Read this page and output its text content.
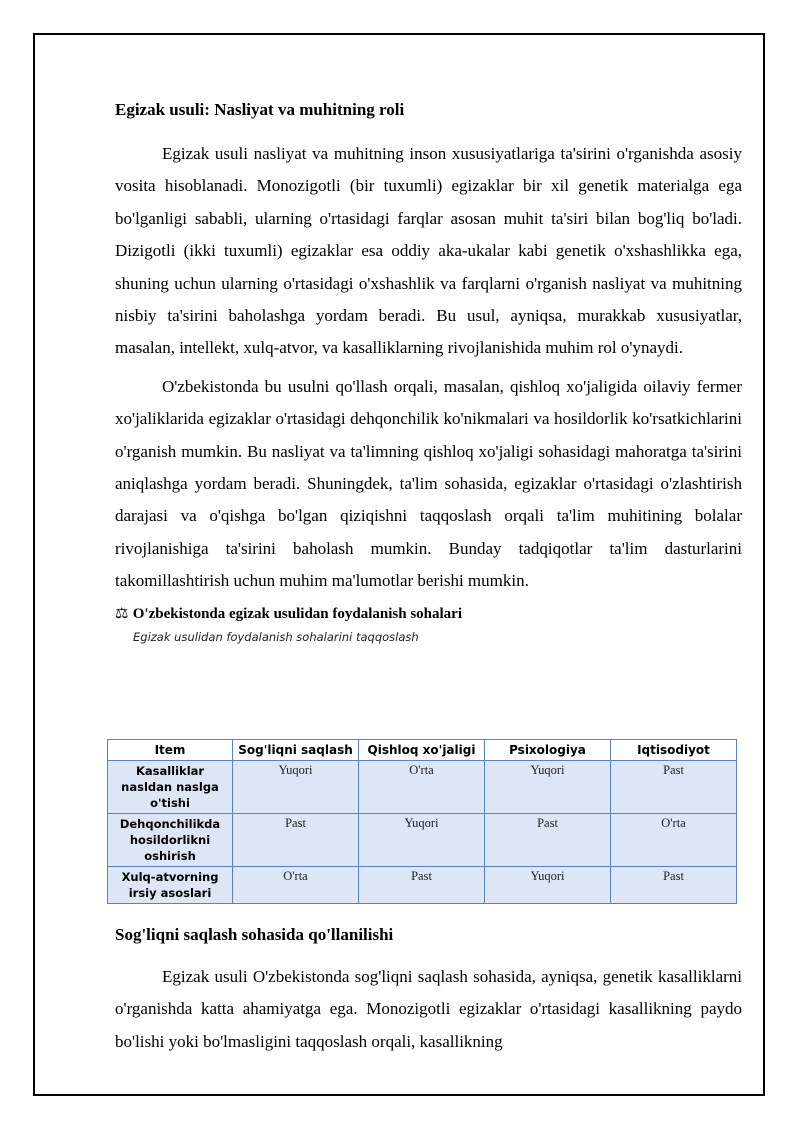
Egizak usuli: Nasliyat va muhitning roli

Egizak usuli nasliyat va muhitning inson xususiyatlariga ta'sirini o'rganishda asosiy vosita hisoblanadi. Monozigotli (bir tuxumli) egizaklar bir xil genetik materialga ega bo'lganligi sababli, ularning o'rtasidagi farqlar asosan muhit ta'siri bilan bog'liq bo'ladi. Dizigotli (ikki tuxumli) egizaklar esa oddiy aka-ukalar kabi genetik o'xshashlikka ega, shuning uchun ularning o'rtasidagi o'xshashlik va farqlarni o'rganish nasliyat va muhitning nisbiy ta'sirini baholashga yordam beradi. Bu usul, ayniqsa, murakkab xususiyatlar, masalan, intellekt, xulq-atvor, va kasalliklarning rivojlanishida muhim rol o'ynaydi.

O'zbekistonda bu usulni qo'llash orqali, masalan, qishloq xo'jaligida oilaviy fermer xo'jaliklarida egizaklar o'rtasidagi dehqonchilik ko'nikmalari va hosildorlik ko'rsatkichlarini o'rganish mumkin. Bu nasliyat va ta'limning qishloq xo'jaligi sohasidagi mahoratga ta'sirini aniqlashga yordam beradi. Shuningdek, ta'lim sohasida, egizaklar o'rtasidagi o'zlashtirish darajasi va o'qishga bo'lgan qiziqishni taqqoslash orqali ta'lim muhitining bolalar rivojlanishiga ta'sirini baholash mumkin. Bunday tadqiqotlar ta'lim dasturlarini takomillashtirish uchun muhim ma'lumotlar berishi mumkin.

⚖ O'zbekistonda egizak usulidan foydalanish sohalari
Egizak usulidan foydalanish sohalarini taqqoslash
Item	Sog'liqni saqlash	Qishloq xo'jaligi	Psixologiya	Iqtisodiyot
Kasalliklar nasldan naslga o'tishi	Yuqori	O'rta	Yuqori	Past
Dehqonchilikda hosildorlikni oshirish	Past	Yuqori	Past	O'rta
Xulq-atvorning irsiy asoslari	O'rta	Past	Yuqori	Past
Sog'liqni saqlash sohasida qo'llanilishi

Egizak usuli O'zbekistonda sog'liqni saqlash sohasida, ayniqsa, genetik kasalliklarni o'rganishda katta ahamiyatga ega. Monozigotli egizaklar o'rtasidagi kasallikning paydo bo'lishi yoki bo'lmasligini taqqoslash orqali, kasallikning
